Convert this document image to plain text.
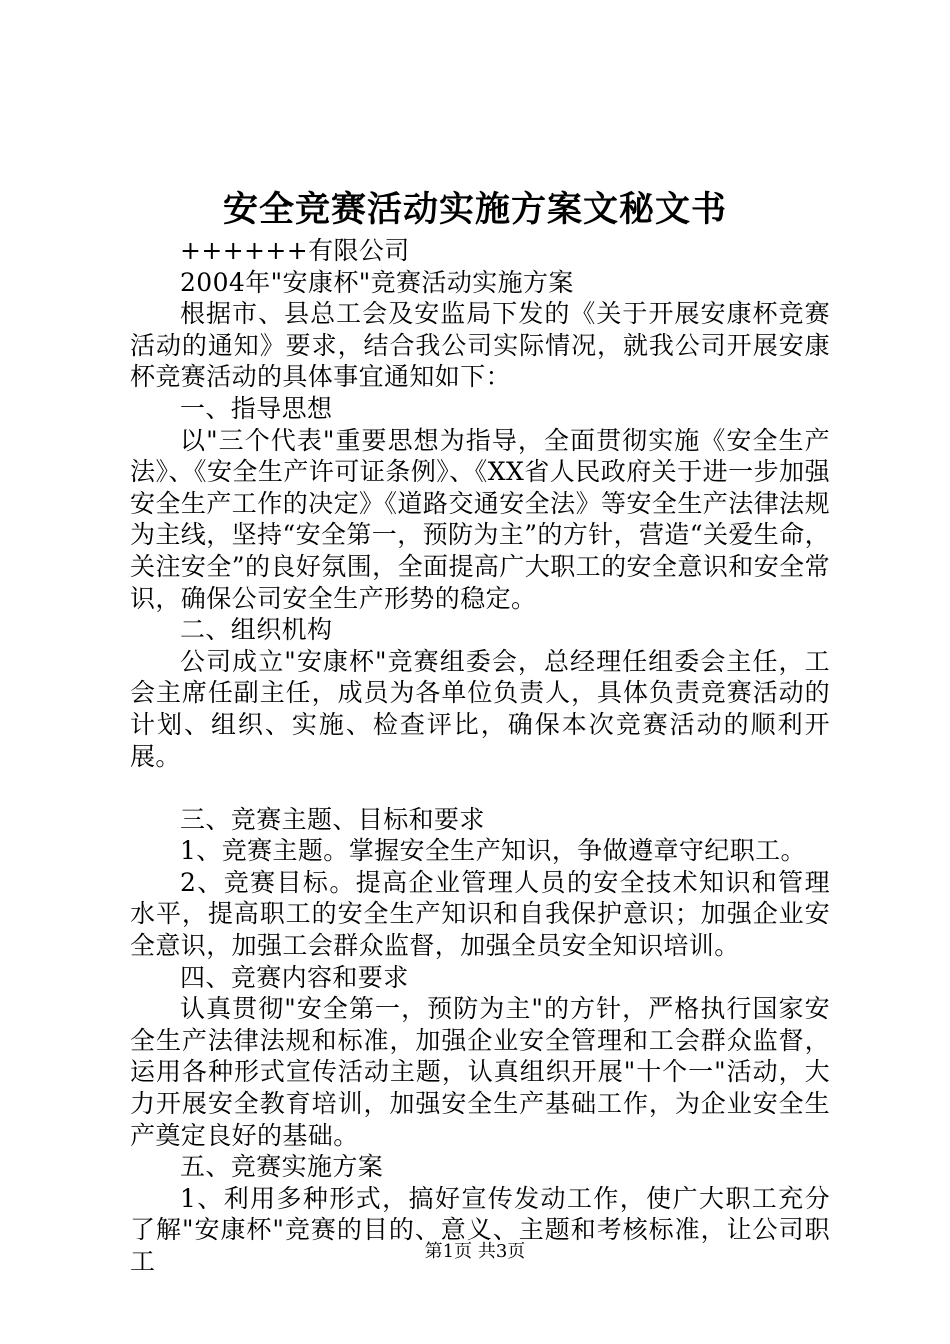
安全竞赛活动实施方案文秘文书

++++++有限公司

2004年"安康杯"竞赛活动实施方案

根据市、县总工会及安监局下发的《关于开展安康杯竞赛活动的通知》要求，结合我公司实际情况，就我公司开展安康杯竞赛活动的具体事宜通知如下：

一、指导思想

以"三个代表"重要思想为指导，全面贯彻实施《安全生产法》、《安全生产许可证条例》、《XX省人民政府关于进一步加强安全生产工作的决定》《道路交通安全法》等安全生产法律法规为主线，坚持“安全第一，预防为主”的方针，营造“关爱生命，关注安全”的良好氛围，全面提高广大职工的安全意识和安全常识，确保公司安全生产形势的稳定。

二、组织机构

公司成立"安康杯"竞赛组委会，总经理任组委会主任，工会主席任副主任，成员为各单位负责人，具体负责竞赛活动的计划、组织、实施、检查评比，确保本次竞赛活动的顺利开展。

三、竞赛主题、目标和要求

1、竞赛主题。掌握安全生产知识，争做遵章守纪职工。

2、竞赛目标。提高企业管理人员的安全技术知识和管理水平，提高职工的安全生产知识和自我保护意识；加强企业安全意识，加强工会群众监督，加强全员安全知识培训。

四、竞赛内容和要求

认真贯彻"安全第一，预防为主"的方针，严格执行国家安全生产法律法规和标准，加强企业安全管理和工会群众监督，运用各种形式宣传活动主题，认真组织开展"十个一"活动，大力开展安全教育培训，加强安全生产基础工作，为企业安全生产奠定良好的基础。

五、竞赛实施方案

1、利用多种形式，搞好宣传发动工作，使广大职工充分了解"安康杯"竞赛的目的、意义、主题和考核标准，让公司职工	第1页 共3页
